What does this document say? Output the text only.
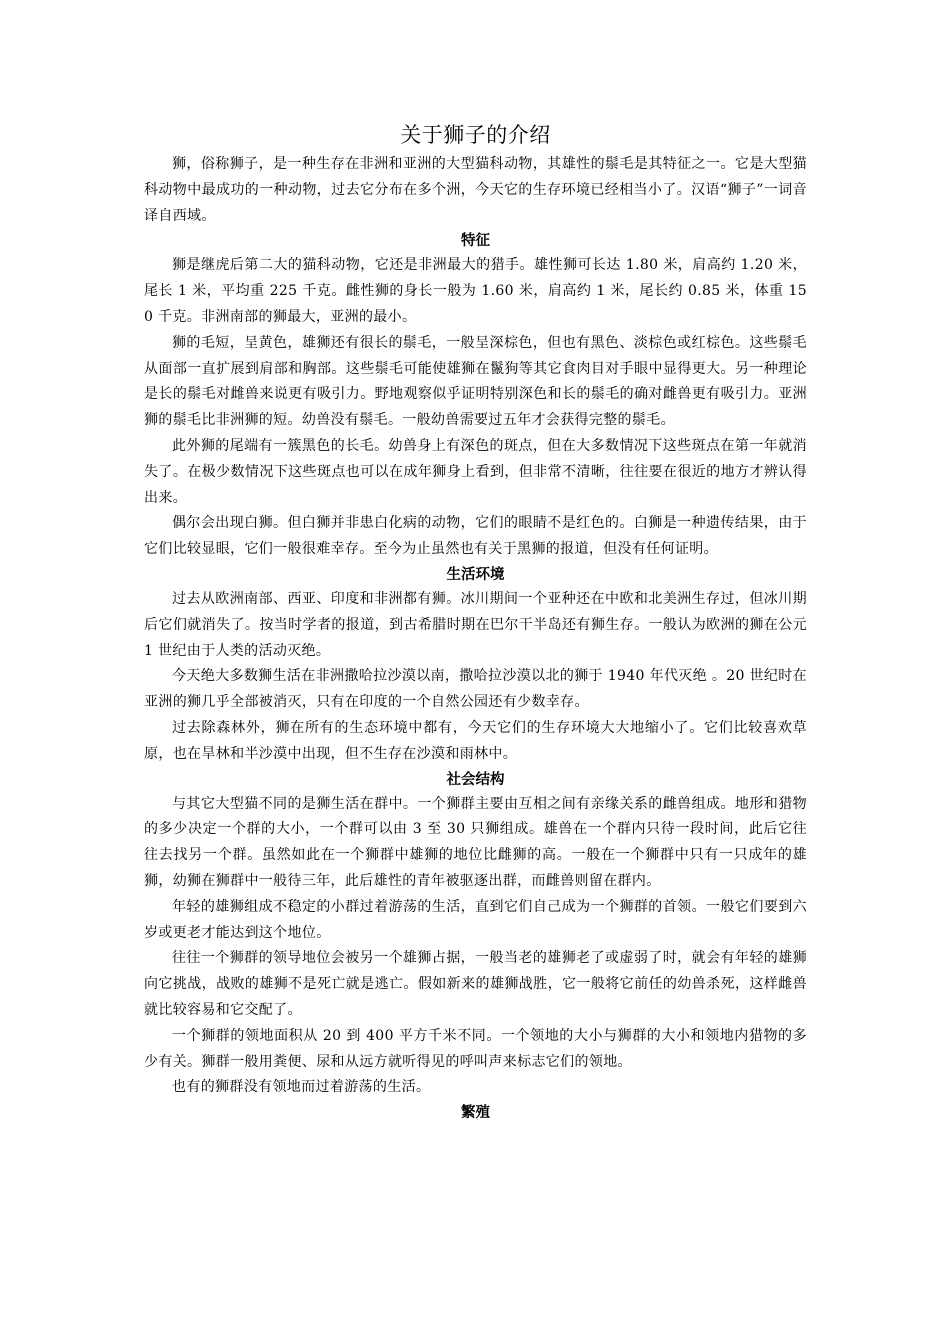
关于狮子的介绍

狮，俗称狮子，是一种生存在非洲和亚洲的大型猫科动物，其雄性的鬃毛是其特征之一。它是大型猫科动物中最成功的一种动物，过去它分布在多个洲，今天它的生存环境已经相当小了。汉语“狮子”一词音译自西域。

特征

狮是继虎后第二大的猫科动物，它还是非洲最大的猎手。雄性狮可长达 1.80 米，肩高约 1.20 米，尾长 1 米，平均重 225 千克。雌性狮的身长一般为 1.60 米，肩高约 1 米，尾长约 0.85 米，体重 150 千克。非洲南部的狮最大，亚洲的最小。

狮的毛短，呈黄色，雄狮还有很长的鬃毛，一般呈深棕色，但也有黑色、淡棕色或红棕色。这些鬃毛从面部一直扩展到肩部和胸部。这些鬃毛可能使雄狮在鬣狗等其它食肉目对手眼中显得更大。另一种理论是长的鬃毛对雌兽来说更有吸引力。野地观察似乎证明特别深色和长的鬃毛的确对雌兽更有吸引力。亚洲狮的鬃毛比非洲狮的短。幼兽没有鬃毛。一般幼兽需要过五年才会获得完整的鬃毛。

此外狮的尾端有一簇黑色的长毛。幼兽身上有深色的斑点，但在大多数情况下这些斑点在第一年就消失了。在极少数情况下这些斑点也可以在成年狮身上看到，但非常不清晰，往往要在很近的地方才辨认得出来。

偶尔会出现白狮。但白狮并非患白化病的动物，它们的眼睛不是红色的。白狮是一种遗传结果，由于它们比较显眼，它们一般很难幸存。至今为止虽然也有关于黑狮的报道，但没有任何证明。

生活环境

过去从欧洲南部、西亚、印度和非洲都有狮。冰川期间一个亚种还在中欧和北美洲生存过，但冰川期后它们就消失了。按当时学者的报道，到古希腊时期在巴尔干半岛还有狮生存。一般认为欧洲的狮在公元 1 世纪由于人类的活动灭绝。

今天绝大多数狮生活在非洲撒哈拉沙漠以南，撒哈拉沙漠以北的狮于 1940 年代灭绝 。20 世纪时在亚洲的狮几乎全部被消灭，只有在印度的一个自然公园还有少数幸存。

过去除森林外，狮在所有的生态环境中都有，今天它们的生存环境大大地缩小了。它们比较喜欢草原，也在旱林和半沙漠中出现，但不生存在沙漠和雨林中。

社会结构

与其它大型猫不同的是狮生活在群中。一个狮群主要由互相之间有亲缘关系的雌兽组成。地形和猎物的多少决定一个群的大小，一个群可以由 3 至 30 只狮组成。雄兽在一个群内只待一段时间，此后它往往去找另一个群。虽然如此在一个狮群中雄狮的地位比雌狮的高。一般在一个狮群中只有一只成年的雄狮，幼狮在狮群中一般待三年，此后雄性的青年被驱逐出群，而雌兽则留在群内。

年轻的雄狮组成不稳定的小群过着游荡的生活，直到它们自己成为一个狮群的首领。一般它们要到六岁或更老才能达到这个地位。

往往一个狮群的领导地位会被另一个雄狮占据，一般当老的雄狮老了或虚弱了时，就会有年轻的雄狮向它挑战，战败的雄狮不是死亡就是逃亡。假如新来的雄狮战胜，它一般将它前任的幼兽杀死，这样雌兽就比较容易和它交配了。

一个狮群的领地面积从 20 到 400 平方千米不同。一个领地的大小与狮群的大小和领地内猎物的多少有关。狮群一般用粪便、尿和从远方就听得见的呼叫声来标志它们的领地。

也有的狮群没有领地而过着游荡的生活。

繁殖
